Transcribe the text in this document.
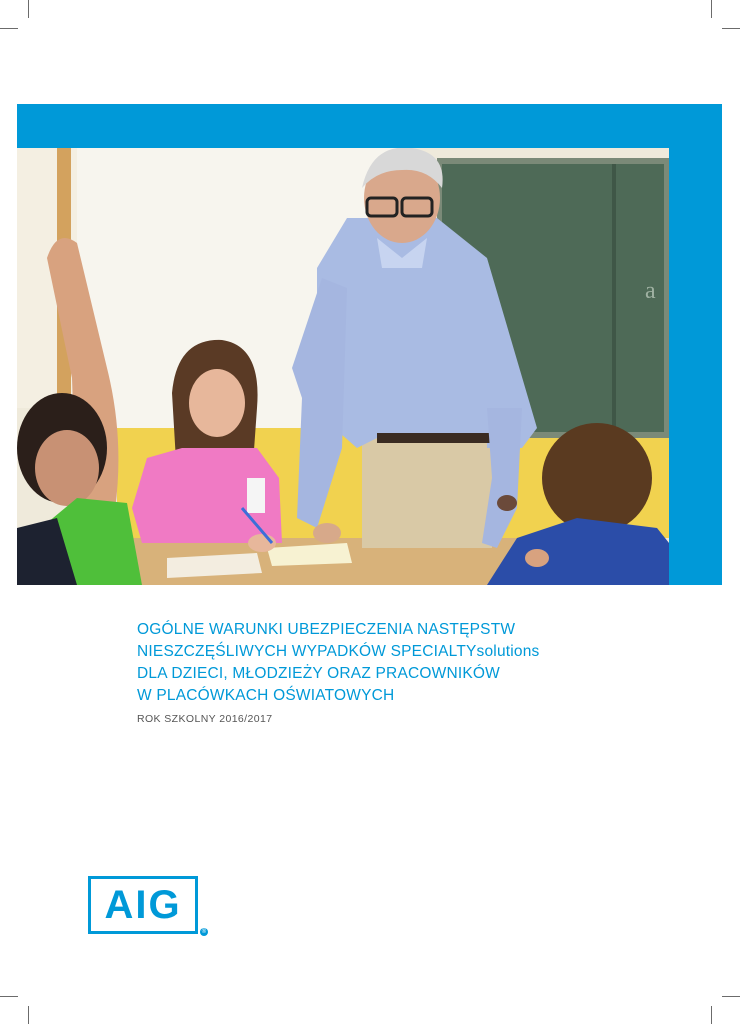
a
OGÓLNE WARUNKI UBEZPIECZENIA NASTĘPSTW
NIESZCZĘŚLIWYCH WYPADKÓW SPECIALTYsolutions
DLA DZIECI, MŁODZIEŻY ORAZ PRACOWNIKÓW
W PLACÓWKACH OŚWIATOWYCH
ROK SZKOLNY 2016/2017
AIG
®
